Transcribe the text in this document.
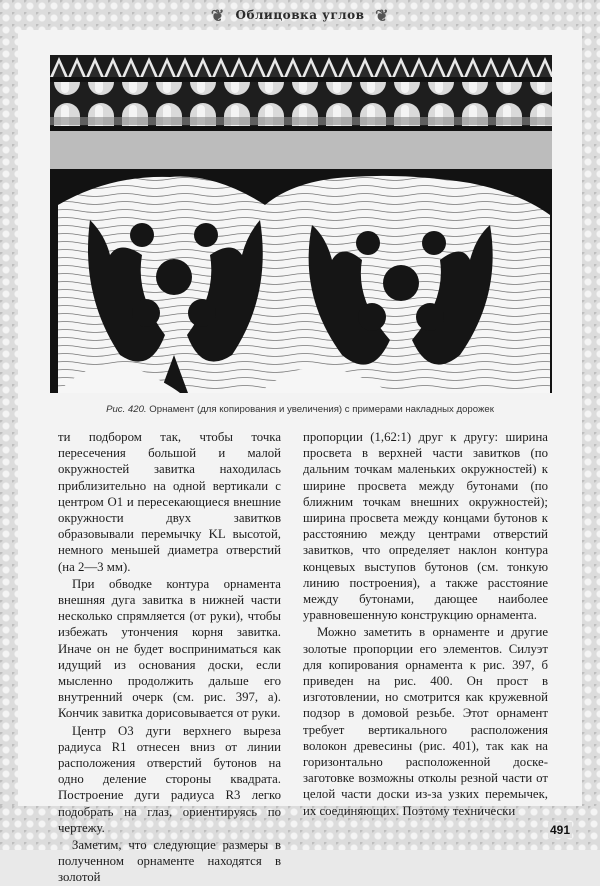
❦ Облицовка углов ❦
Рис. 420. Орнамент (для копирования и увеличения) с примерами накладных дорожек

ти подбором так, чтобы точка пересечения большой и малой окружностей завитка находилась приблизительно на одной вертикали с центром O1 и пересекающиеся внешние окружности двух завитков образовывали перемычку KL высотой, немного меньшей диаметра отверстий (на 2—3 мм).

При обводке контура орнамента внешняя дуга завитка в нижней части несколько спрямляется (от руки), чтобы избежать утончения корня завитка. Иначе он не будет восприниматься как идущий из основания доски, если мысленно продолжить дальше его внутренний очерк (см. рис. 397, а). Кончик завитка дорисовывается от руки.

Центр O3 дуги верхнего выреза радиуса R1 отнесен вниз от линии расположения отверстий бутонов на одно деление стороны квадрата. Построение дуги радиуса R3 легко подобрать на глаз, ориентируясь по чертежу.

Заметим, что следующие размеры в полученном орнаменте находятся в золотой

пропорции (1,62:1) друг к другу: ширина просвета в верхней части завитков (по дальним точкам маленьких окружностей) к ширине просвета между бутонами (по ближним точкам внешних окружностей); ширина просвета между концами бутонов к расстоянию между центрами отверстий завитков, что определяет наклон контура концевых выступов бутонов (см. тонкую линию построения), а также расстояние между бутонами, дающее наиболее уравновешенную конструкцию орнамента.

Можно заметить в орнаменте и другие золотые пропорции его элементов. Силуэт для копирования орнамента к рис. 397, б приведен на рис. 400. Он прост в изготовлении, но смотрится как кружевной подзор в домовой резьбе. Этот орнамент требует вертикального расположения волокон древесины (рис. 401), так как на горизонтально расположенной доске-заготовке возможны отколы резной части от целой части доски из-за узких перемычек, их соединяющих. Поэтому технически

491
